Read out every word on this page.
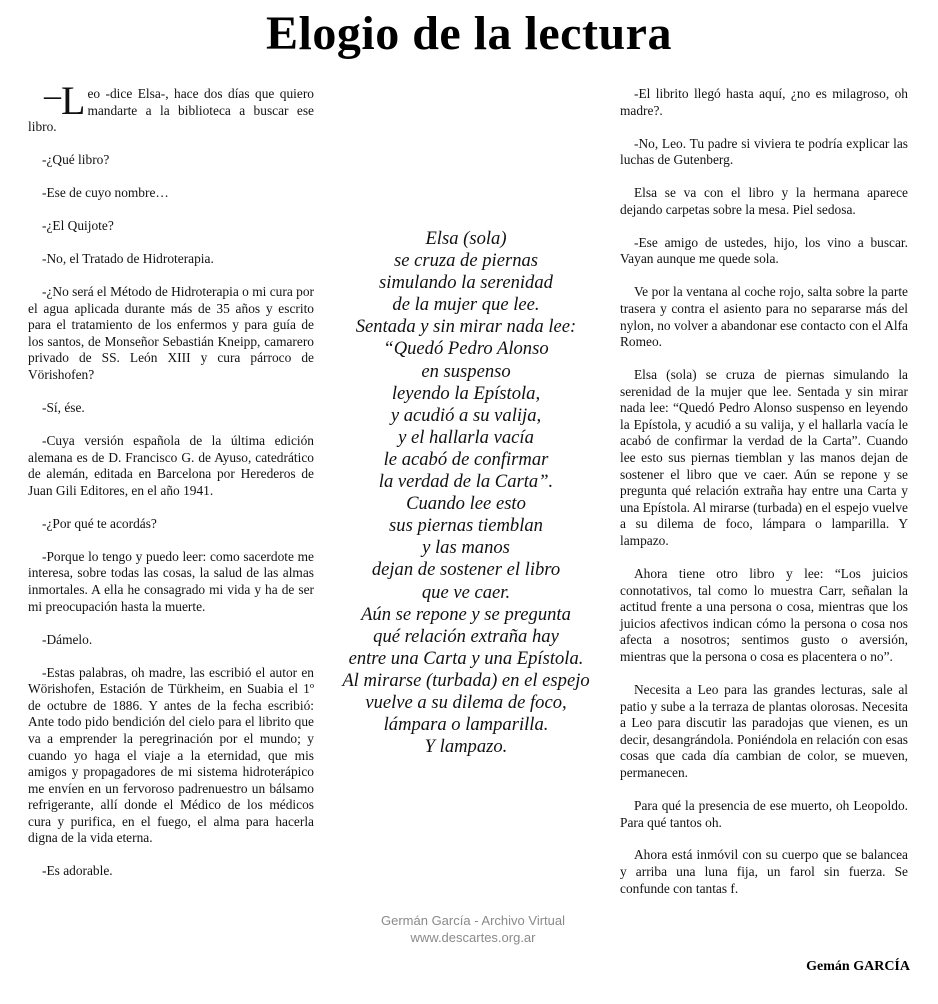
Elogio de la lectura

– L eo -dice Elsa-, hace dos días que quiero mandarte a la biblioteca a buscar ese libro.

-¿Qué libro?

-Ese de cuyo nombre…

-¿El Quijote?

-No, el Tratado de Hidroterapia.

-¿No será el Método de Hidroterapia o mi cura por el agua aplicada durante más de 35 años y escrito para el tratamiento de los enfermos y para guía de los santos, de Monseñor Sebastián Kneipp, camarero privado de SS. León XIII y cura párroco de Vörishofen?

-Sí, ése.

-Cuya versión española de la última edición alemana es de D. Francisco G. de Ayuso, catedrático de alemán, editada en Barcelona por Herederos de Juan Gili Editores, en el año 1941.

-¿Por qué te acordás?

-Porque lo tengo y puedo leer: como sacerdote me interesa, sobre todas las cosas, la salud de las almas inmortales. A ella he consagrado mi vida y ha de ser mi preocupación hasta la muerte.

-Dámelo.

-Estas palabras, oh madre, las escribió el autor en Wörishofen, Estación de Türkheim, en Suabia el 1º de octubre de 1886. Y antes de la fecha escribió: Ante todo pido bendición del cielo para el librito que va a emprender la peregrinación por el mundo; y cuando yo haga el viaje a la eternidad, que mis amigos y propagadores de mi sistema hidroterápico me envíen en un fervoroso padrenuestro un bálsamo refrigerante, allí donde el Médico de los médicos cura y purifica, en el fuego, el alma para hacerla digna de la vida eterna.

-Es adorable.

Elsa (sola)
se cruza de piernas
simulando la serenidad
de la mujer que lee.
Sentada y sin mirar nada lee:
“Quedó Pedro Alonso
en suspenso
leyendo la Epístola,
y acudió a su valija,
y el hallarla vacía
le acabó de confirmar
la verdad de la Carta”.
Cuando lee esto
sus piernas tiemblan
y las manos
dejan de sostener el libro
que ve caer.
Aún se repone y se pregunta
qué relación extraña hay
entre una Carta y una Epístola.
Al mirarse (turbada) en el espejo
vuelve a su dilema de foco,
lámpara o lamparilla.
Y lampazo.

-El librito llegó hasta aquí, ¿no es milagroso, oh madre?.

-No, Leo. Tu padre si viviera te podría explicar las luchas de Gutenberg.

Elsa se va con el libro y la hermana aparece dejando carpetas sobre la mesa. Piel sedosa.

-Ese amigo de ustedes, hijo, los vino a buscar. Vayan aunque me quede sola.

Ve por la ventana al coche rojo, salta sobre la parte trasera y contra el asiento para no separarse más del nylon, no volver a abandonar ese contacto con el Alfa Romeo.

Elsa (sola) se cruza de piernas simulando la serenidad de la mujer que lee. Sentada y sin mirar nada lee: “Quedó Pedro Alonso suspenso en leyendo la Epístola, y acudió a su valija, y el hallarla vacía le acabó de confirmar la verdad de la Carta”. Cuando lee esto sus piernas tiemblan y las manos dejan de sostener el libro que ve caer. Aún se repone y se pregunta qué relación extraña hay entre una Carta y una Epístola. Al mirarse (turbada) en el espejo vuelve a su dilema de foco, lámpara o lamparilla. Y lampazo.

Ahora tiene otro libro y lee: “Los juicios connotativos, tal como lo muestra Carr, señalan la actitud frente a una persona o cosa, mientras que los juicios afectivos indican cómo la persona o cosa nos afecta a nosotros; sentimos gusto o aversión, mientras que la persona o cosa es placentera o no”.

Necesita a Leo para las grandes lecturas, sale al patio y sube a la terraza de plantas olorosas. Necesita a Leo para discutir las paradojas que vienen, es un decir, desangrándola. Poniéndola en relación con esas cosas que cada día cambian de color, se mueven, permanecen.

Para qué la presencia de ese muerto, oh Leopoldo. Para qué tantos oh.

Ahora está inmóvil con su cuerpo que se balancea y arriba una luna fija, un farol sin fuerza. Se confunde con tantas f.

Germán García - Archivo Virtual
www.descartes.org.ar
Gemán GARCÍA
